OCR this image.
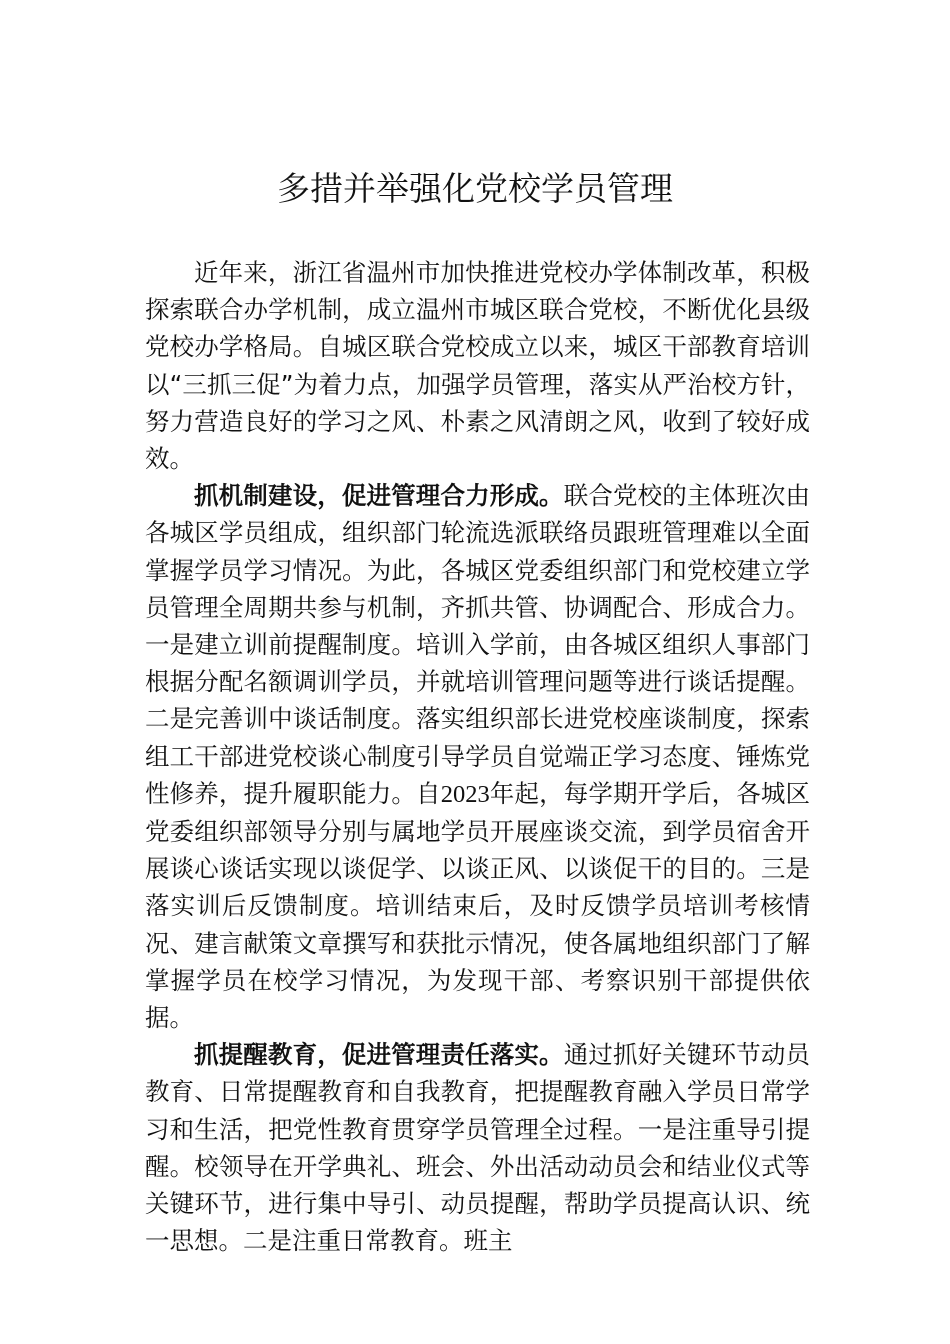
多措并举强化党校学员管理

近年来，浙江省温州市加快推进党校办学体制改革，积极探索联合办学机制，成立温州市城区联合党校，不断优化县级党校办学格局。自城区联合党校成立以来，城区干部教育培训以“三抓三促”为着力点，加强学员管理，落实从严治校方针，努力营造良好的学习之风、朴素之风清朗之风，收到了较好成效。

抓机制建设，促进管理合力形成。联合党校的主体班次由各城区学员组成，组织部门轮流选派联络员跟班管理难以全面掌握学员学习情况。为此，各城区党委组织部门和党校建立学员管理全周期共参与机制，齐抓共管、协调配合、形成合力。一是建立训前提醒制度。培训入学前，由各城区组织人事部门根据分配名额调训学员，并就培训管理问题等进行谈话提醒。二是完善训中谈话制度。落实组织部长进党校座谈制度，探索组工干部进党校谈心制度引导学员自觉端正学习态度、锤炼党性修养，提升履职能力。自2023年起，每学期开学后，各城区党委组织部领导分别与属地学员开展座谈交流，到学员宿舍开展谈心谈话实现以谈促学、以谈正风、以谈促干的目的。三是落实训后反馈制度。培训结束后，及时反馈学员培训考核情况、建言献策文章撰写和获批示情况，使各属地组织部门了解掌握学员在校学习情况，为发现干部、考察识别干部提供依据。

抓提醒教育，促进管理责任落实。通过抓好关键环节动员教育、日常提醒教育和自我教育，把提醒教育融入学员日常学习和生活，把党性教育贯穿学员管理全过程。一是注重导引提醒。校领导在开学典礼、班会、外出活动动员会和结业仪式等关键环节，进行集中导引、动员提醒，帮助学员提高认识、统一思想。二是注重日常教育。班主
